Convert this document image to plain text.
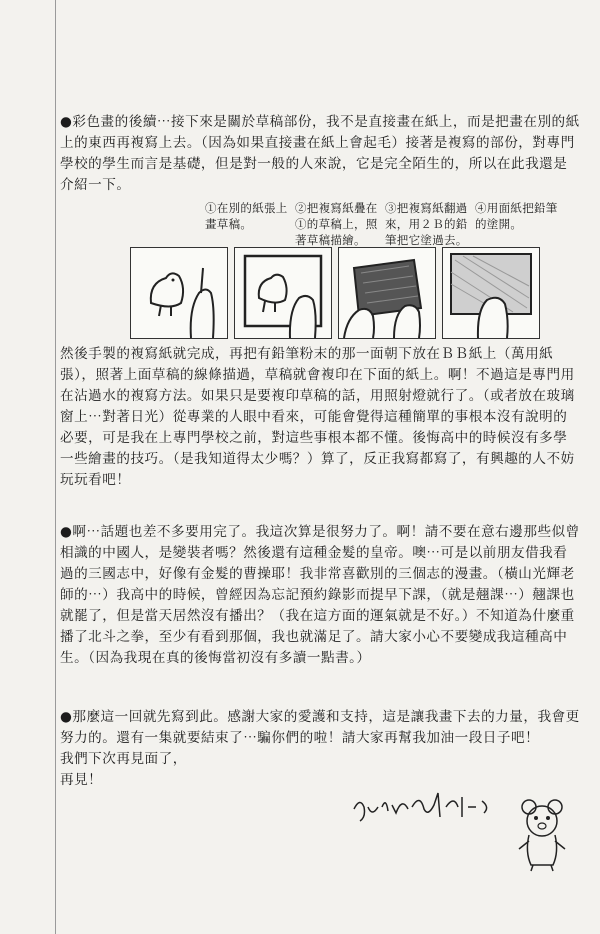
●彩色畫的後續⋯接下來是關於草稿部份，我不是直接畫在紙上，而是把畫在別的紙上的東西再複寫上去。（因為如果直接畫在紙上會起毛）接著是複寫的部份，對專門學校的學生而言是基礎，但是對一般的人來說，它是完全陌生的，所以在此我還是介紹一下。

①在別的紙張上畫草稿。
②把複寫紙疊在①的草稿上，照著草稿描繪。
③把複寫紙翻過來，用２Ｂ的鉛筆把它塗過去。
④用面紙把鉛筆的塗開。

然後手製的複寫紙就完成，再把有鉛筆粉末的那一面朝下放在ＢＢ紙上（萬用紙張），照著上面草稿的線條描過，草稿就會複印在下面的紙上。啊！不過這是專門用在沾過水的複寫方法。如果只是要複印草稿的話，用照射燈就行了。（或者放在玻璃窗上⋯對著日光）從專業的人眼中看來，可能會覺得這種簡單的事根本沒有說明的必要，可是我在上專門學校之前，對這些事根本都不懂。後悔高中的時候沒有多學一些繪畫的技巧。（是我知道得太少嗎？）算了，反正我寫都寫了，有興趣的人不妨玩玩看吧！

●啊⋯話題也差不多要用完了。我這次算是很努力了。啊！請不要在意右邊那些似曾相識的中國人，是變裝者嗎？然後還有這種金髮的皇帝。噢⋯可是以前朋友借我看過的三國志中，好像有金髮的曹操耶！我非常喜歡別的三個志的漫畫。（橫山光輝老師的⋯）我高中的時候，曾經因為忘記預約錄影而提早下課，（就是翹課⋯）翹課也就罷了，但是當天居然沒有播出？（我在這方面的運氣就是不好。）不知道為什麼重播了北斗之拳，至少有看到那個，我也就滿足了。請大家小心不要變成我這種高中生。（因為我現在真的後悔當初沒有多讀一點書。）

●那麼這一回就先寫到此。感謝大家的愛護和支持，這是讓我畫下去的力量，我會更努力的。還有一集就要結束了⋯騙你們的啦！請大家再幫我加油一段日子吧！

我們下次再見面了，

再見！
